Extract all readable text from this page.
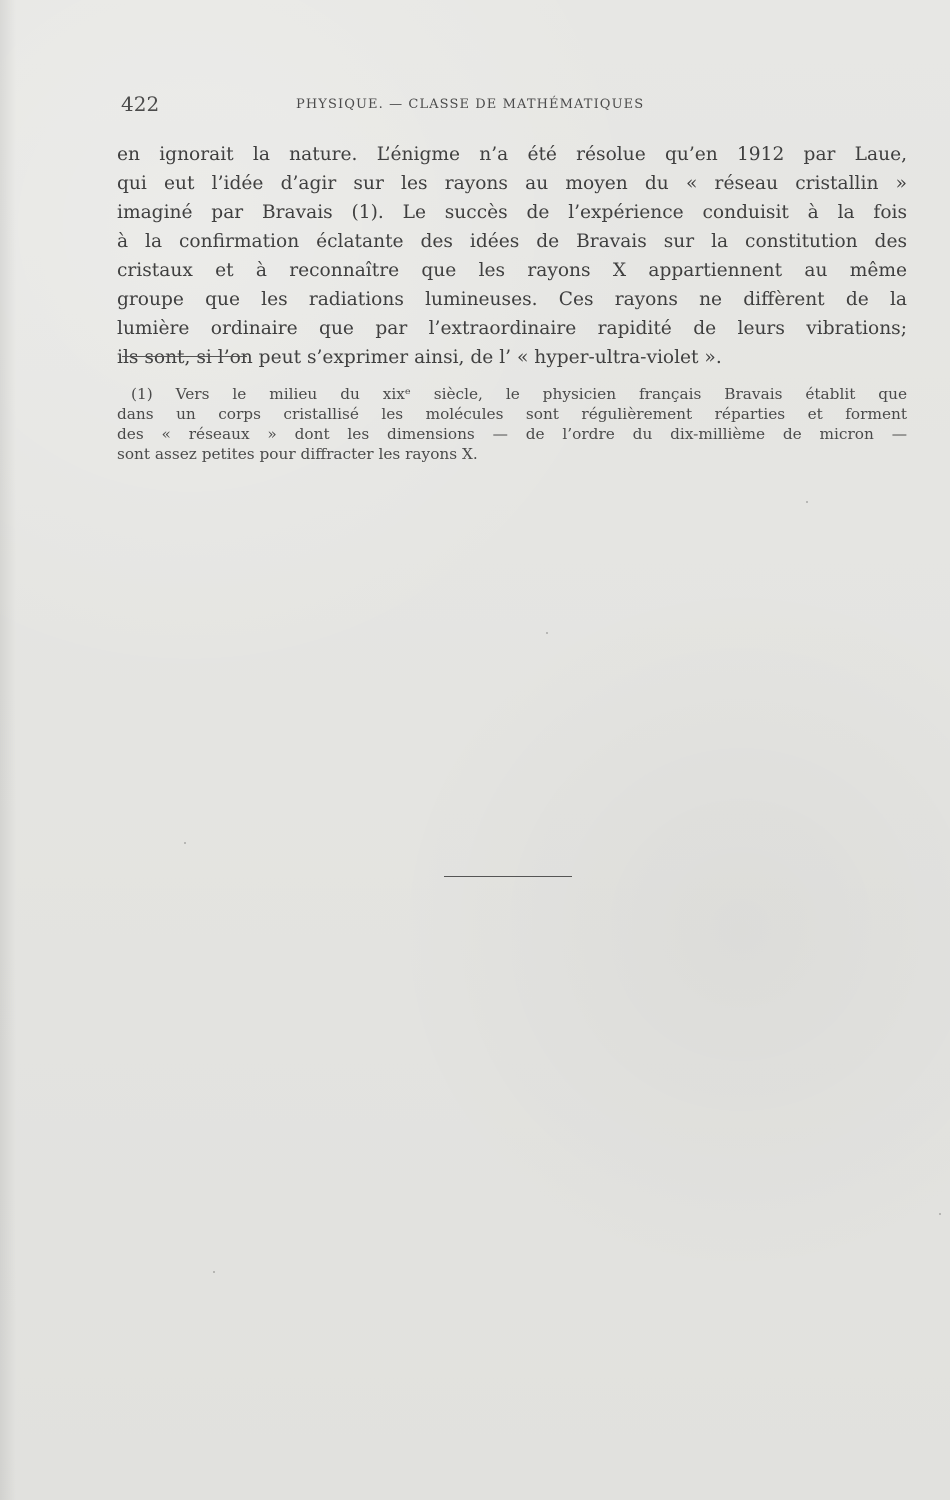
422	PHYSIQUE. — CLASSE DE MATHÉMATIQUES
en ignorait la nature. L’énigme n’a été résolue qu’en 1912 par Laue,
qui eut l’idée d’agir sur les rayons au moyen du « réseau cristallin »
imaginé par Bravais (1). Le succès de l’expérience conduisit à la fois
à la confirmation éclatante des idées de Bravais sur la constitution des
cristaux et à reconnaître que les rayons X appartiennent au même
groupe que les radiations lumineuses. Ces rayons ne diffèrent de la
lumière ordinaire que par l’extraordinaire rapidité de leurs vibrations;
ils sont, si l’on peut s’exprimer ainsi, de l’ « hyper-ultra-violet ».
(1) Vers le milieu du xixᵉ siècle, le physicien français Bravais établit que
dans un corps cristallisé les molécules sont régulièrement réparties et forment
des « réseaux » dont les dimensions — de l’ordre du dix-millième de micron —
sont assez petites pour diffracter les rayons X.
